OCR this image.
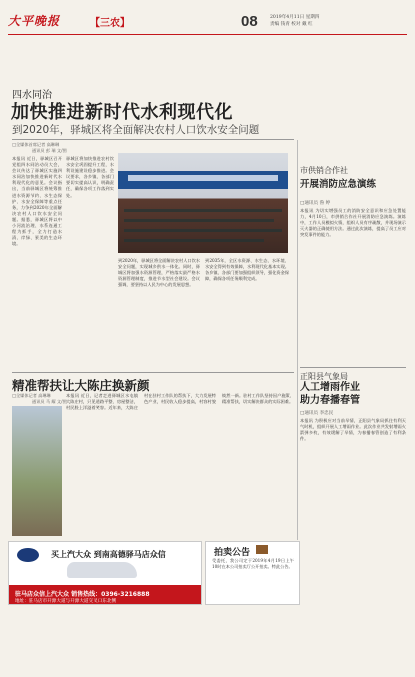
大平晚报	【三农】	08	2019年4月11日 星期四
责编 钱青 校对 戴 红
四水同治
加快推进新时代水利现代化
到2020年，驿城区将全面解决农村人口饮水安全问题
□全媒体首席记者 高琳琳
通讯员 彭 瑞 文/图
本报讯 近日，驿城区召开党组四水同治动员大会，会议传达了驿城区实施四水同治加快推进新时代水利现代化的意见。会议指出，当前驿城区将统筹推进水资源节约、水生态保护、水安全保障等重点任务，力争到2020年全面解决农村人口饮水安全问题。据悉，驿城区将以中小河流治理、水系连通工程为抓手，全力打造水清、岸绿、景美的生态环境。
驿城区将加快推进农村饮水安全巩固提升工程，水利设施建设稳步推进。会议要求，各乡镇、各部门要切实提高认识，明确责任，确保各项工作落到实处。
到2020年，驿城区将全面解决农村人口饮水安全问题，实现城乡供水一体化。同时，驿城区将加强水资源管理，严格落实最严格水资源管理制度，推进节水型社会建设。会议强调，要坚持以人民为中心的发展思想。
到2035年，全区水资源、水生态、水环境、水安全得到有效保障，水利现代化基本实现。各乡镇、各部门要加强组织领导，强化资金保障，确保各项任务顺利完成。
市供销合作社
开展消防应急演练
□通讯员 鲁 婷
本报讯 为切实增强员工的消防安全意识和应急处置能力，4月10日，市供销合作社开展消防应急演练。演练中，工作人员模拟火情，组织人员有序疏散，并现场演示灭火器的正确使用方法。通过此次演练，提高了员工应对突发事件的能力。
精准帮扶让大陈庄换新颜
□全媒体记者 高琳琳
通讯员 马 耀 文/图
本报讯 近日，记者走进驿城区水屯镇大陈庄村，只见道路平整、房屋整洁，村民脸上洋溢着笑容。近年来，大陈庄村在驻村工作队的帮扶下，大力发展特色产业，村民收入稳步提高，村容村貌焕然一新。驻村工作队坚持因户施策、精准帮扶，切实解决群众的实际困难。
正阳县气象局
人工增雨作业
助力春播春管
□通讯员 李忠民
本报讯 为积极应对当前旱情，正阳县气象局抓住有利天气时机，组织开展人工增雨作业。此次作业共发射增雨火箭弹多枚，有效缓解了旱情，为春播春管创造了有利条件。
买上汽大众 到南高德驿马店众信
驻马店众信上汽大众 销售热线：0396-3216888
地址：驻马店市开源大道与开源大道交叉口东北侧
拍卖公告
受委托，我公司定于2019年4月19日上午10时在本公司拍卖厅公开拍卖。特此公告。
